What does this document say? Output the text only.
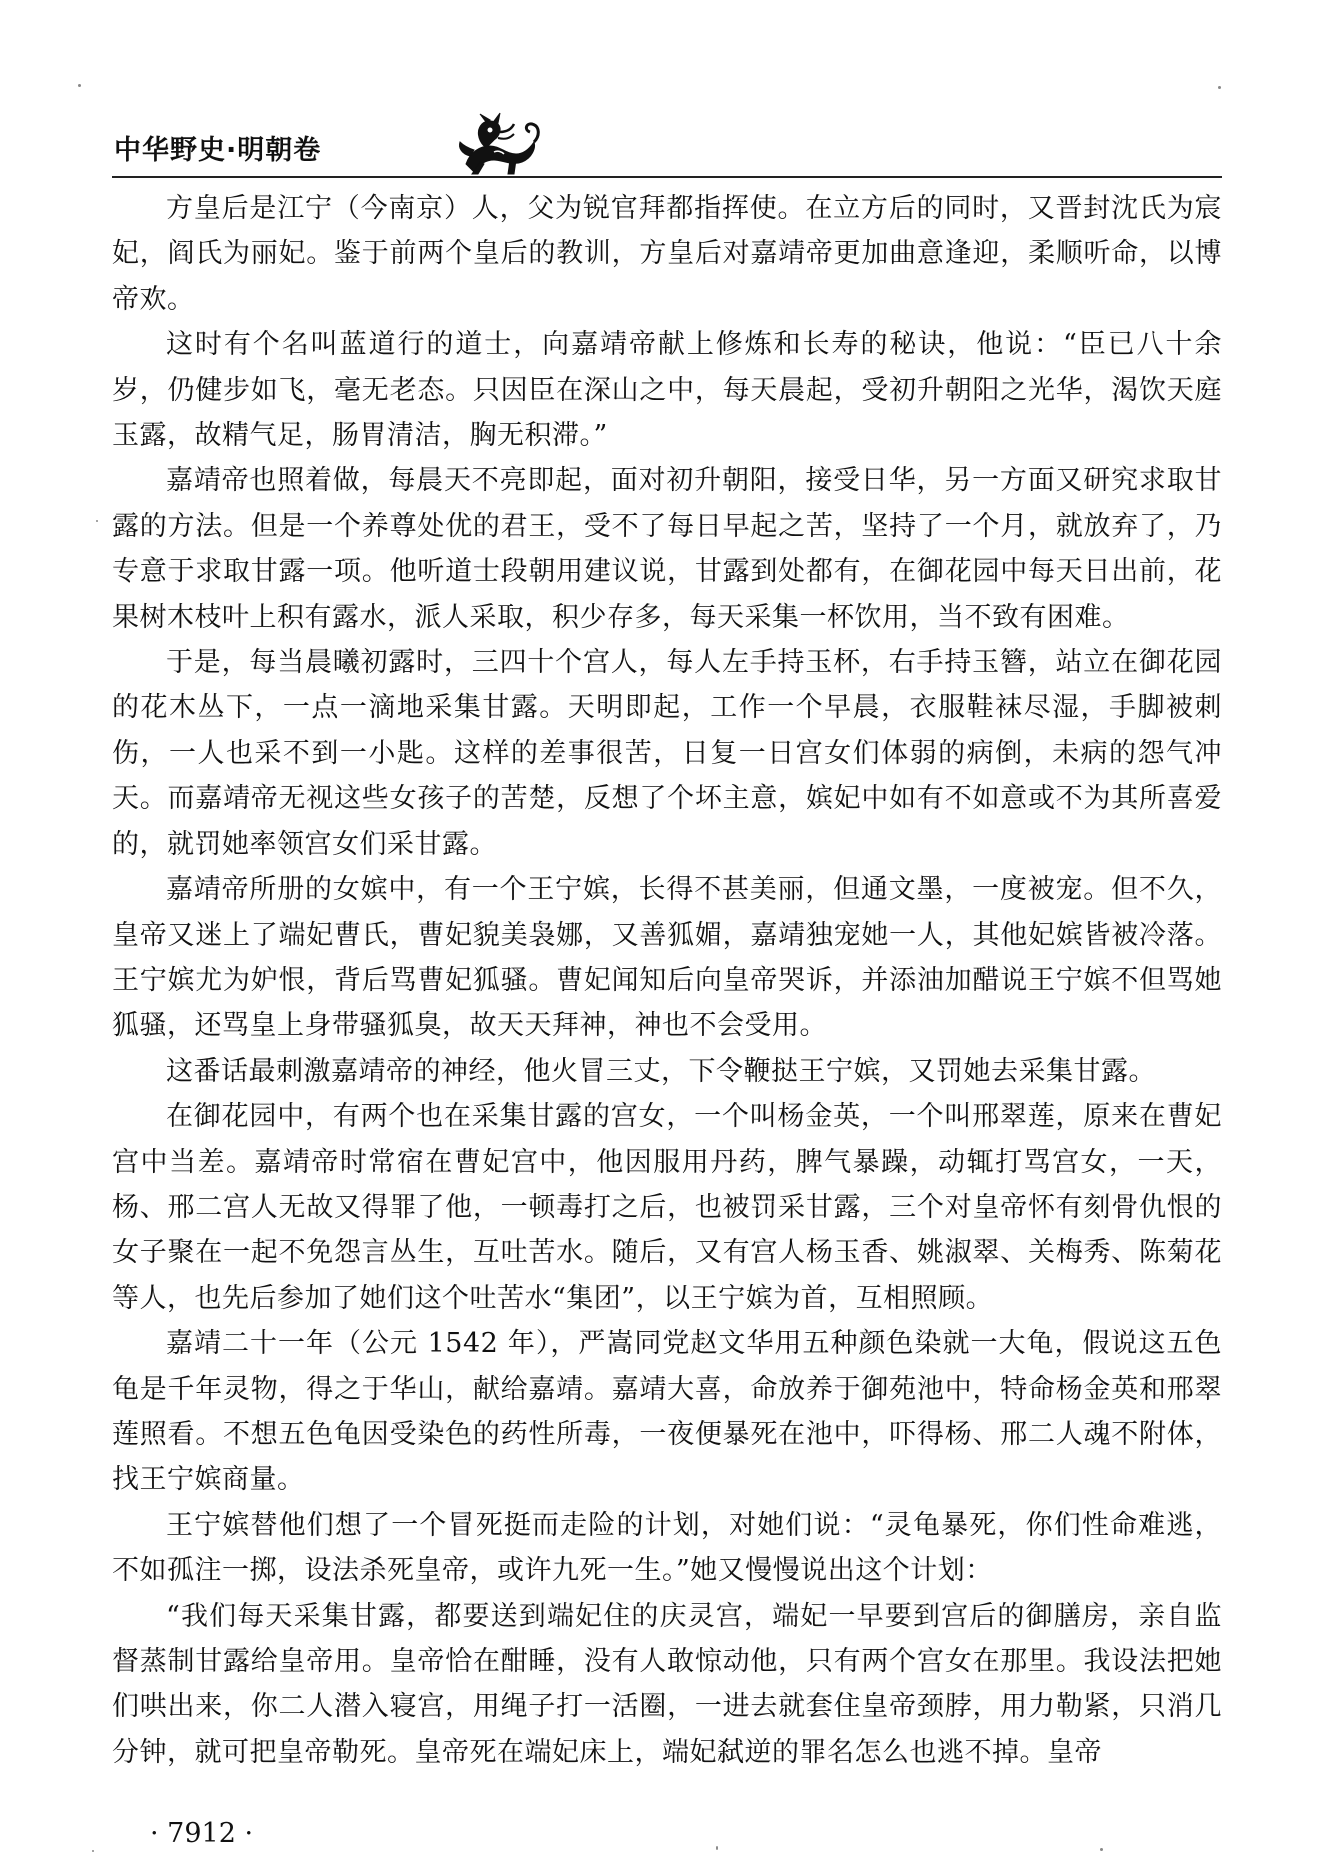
中华野史·明朝卷

方皇后是江宁（今南京）人，父为锐官拜都指挥使。在立方后的同时，又晋封沈氏为宸妃，阎氏为丽妃。鉴于前两个皇后的教训，方皇后对嘉靖帝更加曲意逢迎，柔顺听命，以博帝欢。

这时有个名叫蓝道行的道士，向嘉靖帝献上修炼和长寿的秘诀，他说：“臣已八十余岁，仍健步如飞，毫无老态。只因臣在深山之中，每天晨起，受初升朝阳之光华，渴饮天庭玉露，故精气足，肠胃清洁，胸无积滞。”

嘉靖帝也照着做，每晨天不亮即起，面对初升朝阳，接受日华，另一方面又研究求取甘露的方法。但是一个养尊处优的君王，受不了每日早起之苦，坚持了一个月，就放弃了，乃专意于求取甘露一项。他听道士段朝用建议说，甘露到处都有，在御花园中每天日出前，花果树木枝叶上积有露水，派人采取，积少存多，每天采集一杯饮用，当不致有困难。

于是，每当晨曦初露时，三四十个宫人，每人左手持玉杯，右手持玉簪，站立在御花园的花木丛下，一点一滴地采集甘露。天明即起，工作一个早晨，衣服鞋袜尽湿，手脚被刺伤，一人也采不到一小匙。这样的差事很苦，日复一日宫女们体弱的病倒，未病的怨气冲天。而嘉靖帝无视这些女孩子的苦楚，反想了个坏主意，嫔妃中如有不如意或不为其所喜爱的，就罚她率领宫女们采甘露。

嘉靖帝所册的女嫔中，有一个王宁嫔，长得不甚美丽，但通文墨，一度被宠。但不久，皇帝又迷上了端妃曹氏，曹妃貌美袅娜，又善狐媚，嘉靖独宠她一人，其他妃嫔皆被冷落。王宁嫔尤为妒恨，背后骂曹妃狐骚。曹妃闻知后向皇帝哭诉，并添油加醋说王宁嫔不但骂她狐骚，还骂皇上身带骚狐臭，故天天拜神，神也不会受用。

这番话最刺激嘉靖帝的神经，他火冒三丈，下令鞭挞王宁嫔，又罚她去采集甘露。

在御花园中，有两个也在采集甘露的宫女，一个叫杨金英，一个叫邢翠莲，原来在曹妃宫中当差。嘉靖帝时常宿在曹妃宫中，他因服用丹药，脾气暴躁，动辄打骂宫女，一天，杨、邢二宫人无故又得罪了他，一顿毒打之后，也被罚采甘露，三个对皇帝怀有刻骨仇恨的女子聚在一起不免怨言丛生，互吐苦水。随后，又有宫人杨玉香、姚淑翠、关梅秀、陈菊花等人，也先后参加了她们这个吐苦水“集团”，以王宁嫔为首，互相照顾。

嘉靖二十一年（公元 1542 年），严嵩同党赵文华用五种颜色染就一大龟，假说这五色龟是千年灵物，得之于华山，献给嘉靖。嘉靖大喜，命放养于御苑池中，特命杨金英和邢翠莲照看。不想五色龟因受染色的药性所毒，一夜便暴死在池中，吓得杨、邢二人魂不附体，找王宁嫔商量。

王宁嫔替他们想了一个冒死挺而走险的计划，对她们说：“灵龟暴死，你们性命难逃，不如孤注一掷，设法杀死皇帝，或许九死一生。”她又慢慢说出这个计划：

“我们每天采集甘露，都要送到端妃住的庆灵宫，端妃一早要到宫后的御膳房，亲自监督蒸制甘露给皇帝用。皇帝恰在酣睡，没有人敢惊动他，只有两个宫女在那里。我设法把她们哄出来，你二人潜入寝宫，用绳子打一活圈，一进去就套住皇帝颈脖，用力勒紧，只消几分钟，就可把皇帝勒死。皇帝死在端妃床上，端妃弑逆的罪名怎么也逃不掉。皇帝

· 7912 ·
